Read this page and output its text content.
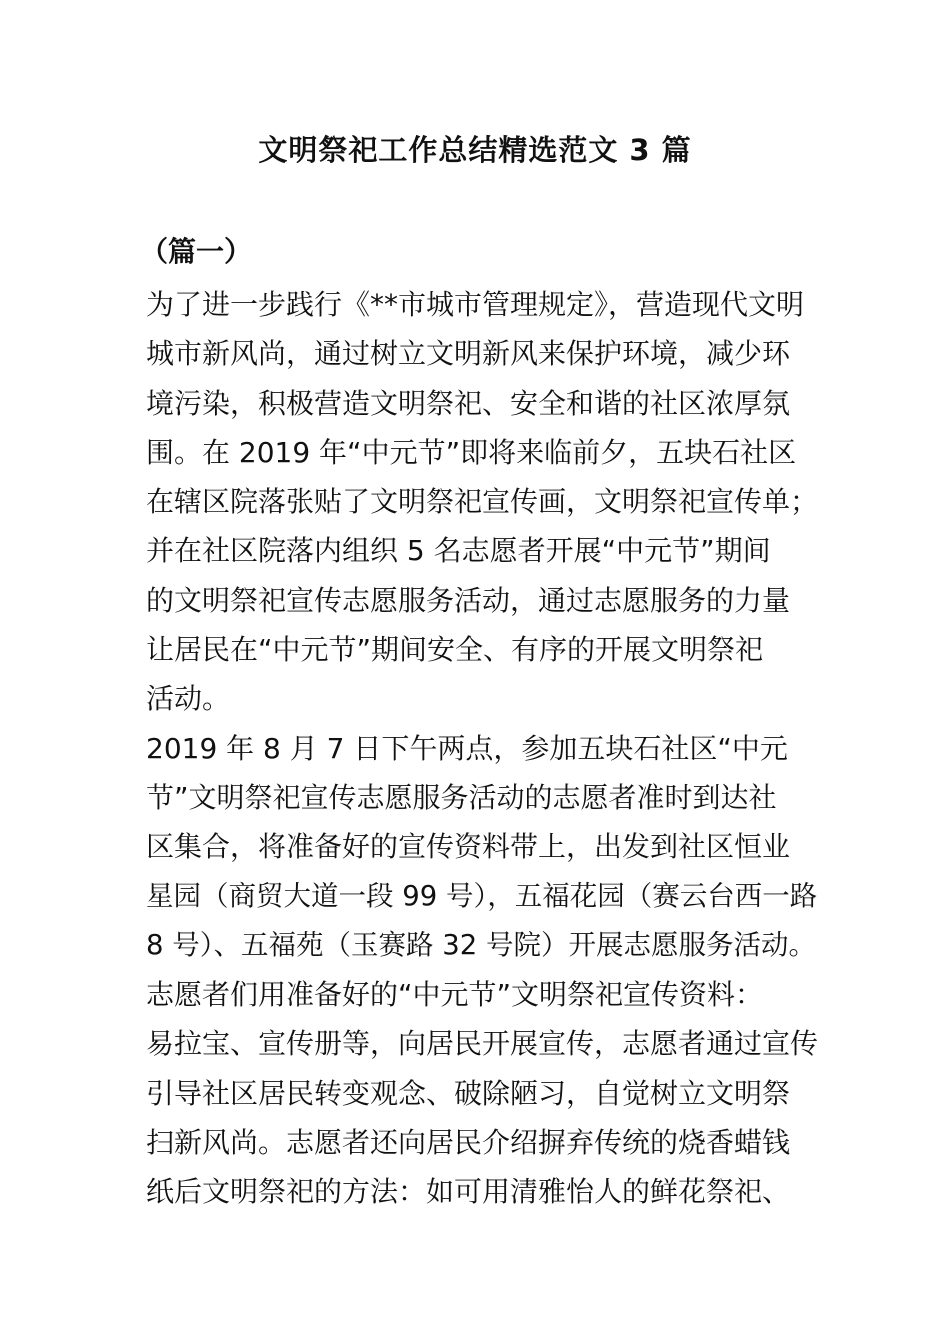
文明祭祀工作总结精选范文 3 篇
（篇一）
为了进一步践行《**市城市管理规定》，营造现代文明
城市新风尚，通过树立文明新风来保护环境，减少环
境污染，积极营造文明祭祀、安全和谐的社区浓厚氛
围。在 2019 年“中元节”即将来临前夕，五块石社区
在辖区院落张贴了文明祭祀宣传画，文明祭祀宣传单；
并在社区院落内组织 5 名志愿者开展“中元节”期间
的文明祭祀宣传志愿服务活动，通过志愿服务的力量
让居民在“中元节”期间安全、有序的开展文明祭祀
活动。
2019 年 8 月 7 日下午两点，参加五块石社区“中元
节”文明祭祀宣传志愿服务活动的志愿者准时到达社
区集合，将准备好的宣传资料带上，出发到社区恒业
星园（商贸大道一段 99 号），五福花园（赛云台西一路
8 号）、五福苑（玉赛路 32 号院）开展志愿服务活动。
志愿者们用准备好的“中元节”文明祭祀宣传资料：
易拉宝、宣传册等，向居民开展宣传，志愿者通过宣传
引导社区居民转变观念、破除陋习，自觉树立文明祭
扫新风尚。志愿者还向居民介绍摒弃传统的烧香蜡钱
纸后文明祭祀的方法：如可用清雅怡人的鲜花祭祀、
